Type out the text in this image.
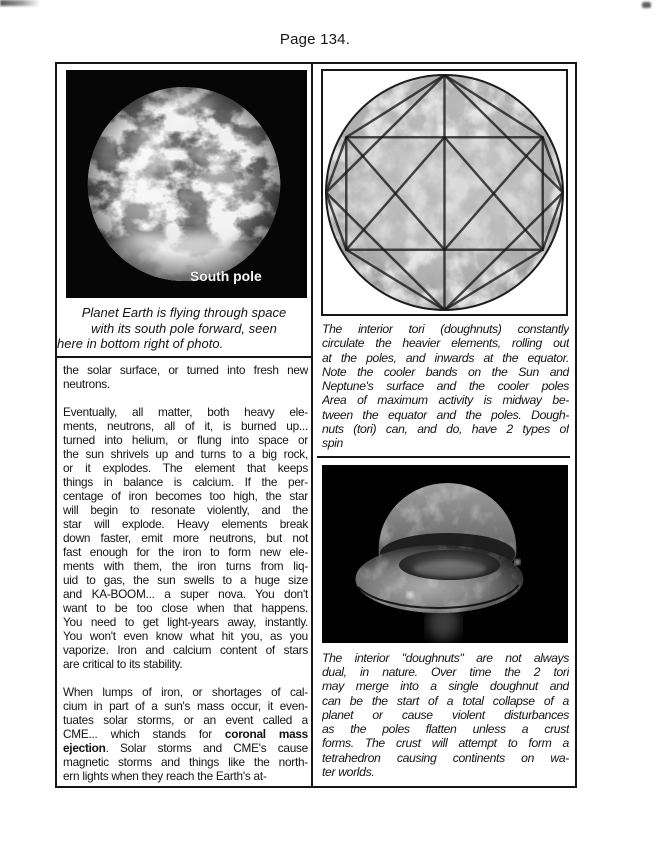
Page 134.
South pole
Planet Earth is flying through space
with its south pole forward, seen
here in bottom right of photo.
the solar surface, or turned into fresh new
neutrons.
Eventually, all matter, both heavy ele-
ments, neutrons, all of it, is burned up...
turned into helium, or flung into space or
the sun shrivels up and turns to a big rock,
or it explodes. The element that keeps
things in balance is calcium. If the per-
centage of iron becomes too high, the star
will begin to resonate violently, and the
star will explode. Heavy elements break
down faster, emit more neutrons, but not
fast enough for the iron to form new ele-
ments with them, the iron turns from liq-
uid to gas, the sun swells to a huge size
and KA-BOOM... a super nova. You don't
want to be too close when that happens.
You need to get light-years away, instantly.
You won't even know what hit you, as you
vaporize. Iron and calcium content of stars
are critical to its stability.
When lumps of iron, or shortages of cal-
cium in part of a sun's mass occur, it even-
tuates solar storms, or an event called a
CME... which stands for coronal mass
ejection. Solar storms and CME's cause
magnetic storms and things like the north-
ern lights when they reach the Earth's at-
The interior tori (doughnuts) constantly
circulate the heavier elements, rolling out
at the poles, and inwards at the equator.
Note the cooler bands on the Sun and
Neptune's surface and the cooler poles
Area of maximum activity is midway be-
tween the equator and the poles. Dough-
nuts (tori) can, and do, have 2 types of
spin
The interior "doughnuts" are not always
dual, in nature. Over time the 2 tori
may merge into a single doughnut and
can be the start of a total collapse of a
planet or cause violent disturbances
as the poles flatten unless a crust
forms. The crust will attempt to form a
tetrahedron causing continents on wa-
ter worlds.
